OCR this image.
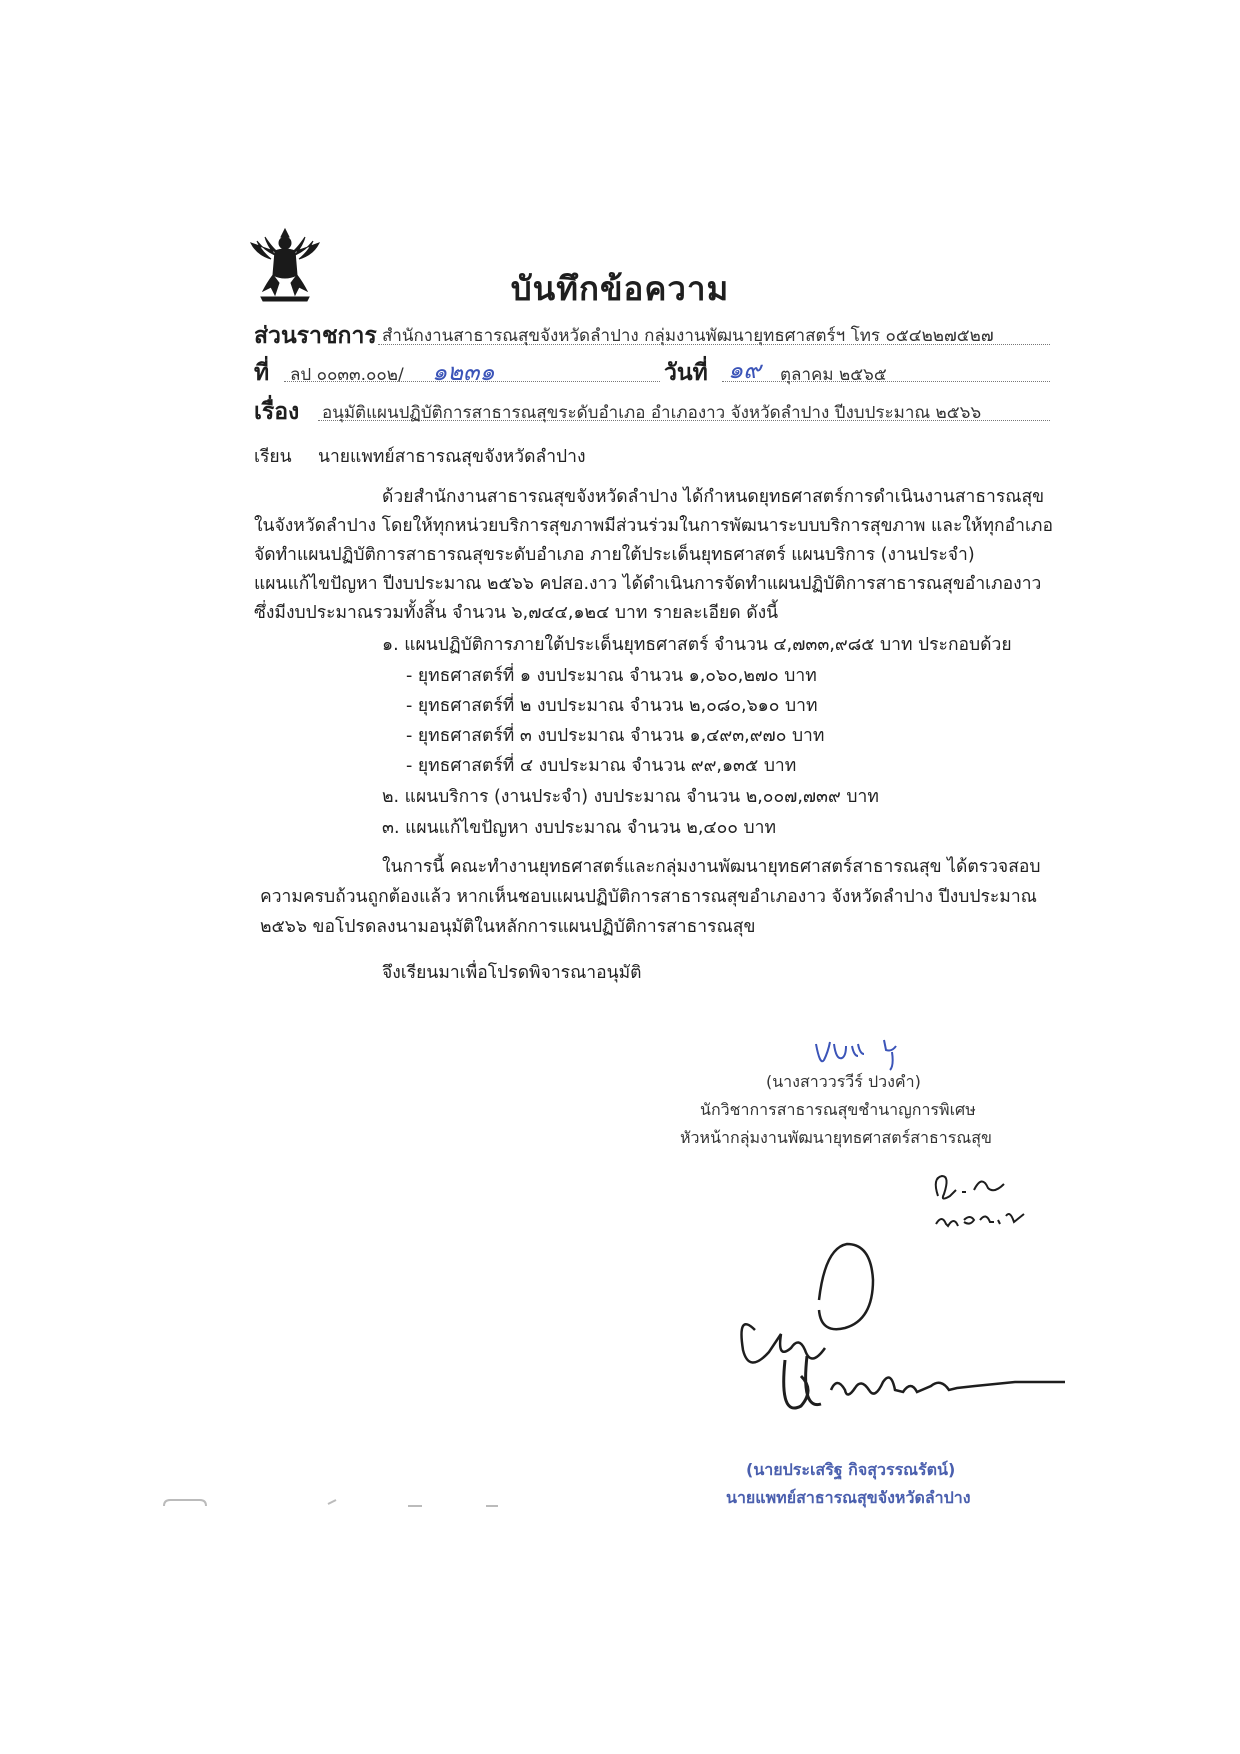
บันทึกข้อความ
ส่วนราชการ สำนักงานสาธารณสุขจังหวัดลำปาง กลุ่มงานพัฒนายุทธศาสตร์ฯ โทร ๐๕๔๒๒๗๕๒๗
ที่ ลป ๐๐๓๓.๐๐๒/ ๑๒๓๑	วันที่ ๑๙ ตุลาคม ๒๕๖๕
เรื่อง อนุมัติแผนปฏิบัติการสาธารณสุขระดับอำเภอ อำเภองาว จังหวัดลำปาง ปีงบประมาณ ๒๕๖๖
เรียน นายแพทย์สาธารณสุขจังหวัดลำปาง
ด้วยสำนักงานสาธารณสุขจังหวัดลำปาง ได้กำหนดยุทธศาสตร์การดำเนินงานสาธารณสุข
ในจังหวัดลำปาง โดยให้ทุกหน่วยบริการสุขภาพมีส่วนร่วมในการพัฒนาระบบบริการสุขภาพ และให้ทุกอำเภอ
จัดทำแผนปฏิบัติการสาธารณสุขระดับอำเภอ ภายใต้ประเด็นยุทธศาสตร์ แผนบริการ (งานประจำ)
แผนแก้ไขปัญหา ปีงบประมาณ ๒๕๖๖ คปสอ.งาว ได้ดำเนินการจัดทำแผนปฏิบัติการสาธารณสุขอำเภองาว
ซึ่งมีงบประมาณรวมทั้งสิ้น จำนวน ๖,๗๔๔,๑๒๔ บาท รายละเอียด ดังนี้
๑. แผนปฏิบัติการภายใต้ประเด็นยุทธศาสตร์ จำนวน ๔,๗๓๓,๙๘๕ บาท ประกอบด้วย
- ยุทธศาสตร์ที่ ๑ งบประมาณ จำนวน ๑,๐๖๐,๒๗๐ บาท
- ยุทธศาสตร์ที่ ๒ งบประมาณ จำนวน ๒,๐๘๐,๖๑๐ บาท
- ยุทธศาสตร์ที่ ๓ งบประมาณ จำนวน ๑,๔๙๓,๙๗๐ บาท
- ยุทธศาสตร์ที่ ๔ งบประมาณ จำนวน ๙๙,๑๓๕ บาท
๒. แผนบริการ (งานประจำ) งบประมาณ จำนวน ๒,๐๐๗,๗๓๙ บาท
๓. แผนแก้ไขปัญหา งบประมาณ จำนวน ๒,๔๐๐ บาท
ในการนี้ คณะทำงานยุทธศาสตร์และกลุ่มงานพัฒนายุทธศาสตร์สาธารณสุข ได้ตรวจสอบ
ความครบถ้วนถูกต้องแล้ว หากเห็นชอบแผนปฏิบัติการสาธารณสุขอำเภองาว จังหวัดลำปาง ปีงบประมาณ
๒๕๖๖ ขอโปรดลงนามอนุมัติในหลักการแผนปฏิบัติการสาธารณสุข
จึงเรียนมาเพื่อโปรดพิจารณาอนุมัติ
(นางสาววรวีร์ ปวงคำ)
นักวิชาการสาธารณสุขชำนาญการพิเศษ
หัวหน้ากลุ่มงานพัฒนายุทธศาสตร์สาธารณสุข
(นายประเสริฐ กิจสุวรรณรัตน์)
นายแพทย์สาธารณสุขจังหวัดลำปาง
